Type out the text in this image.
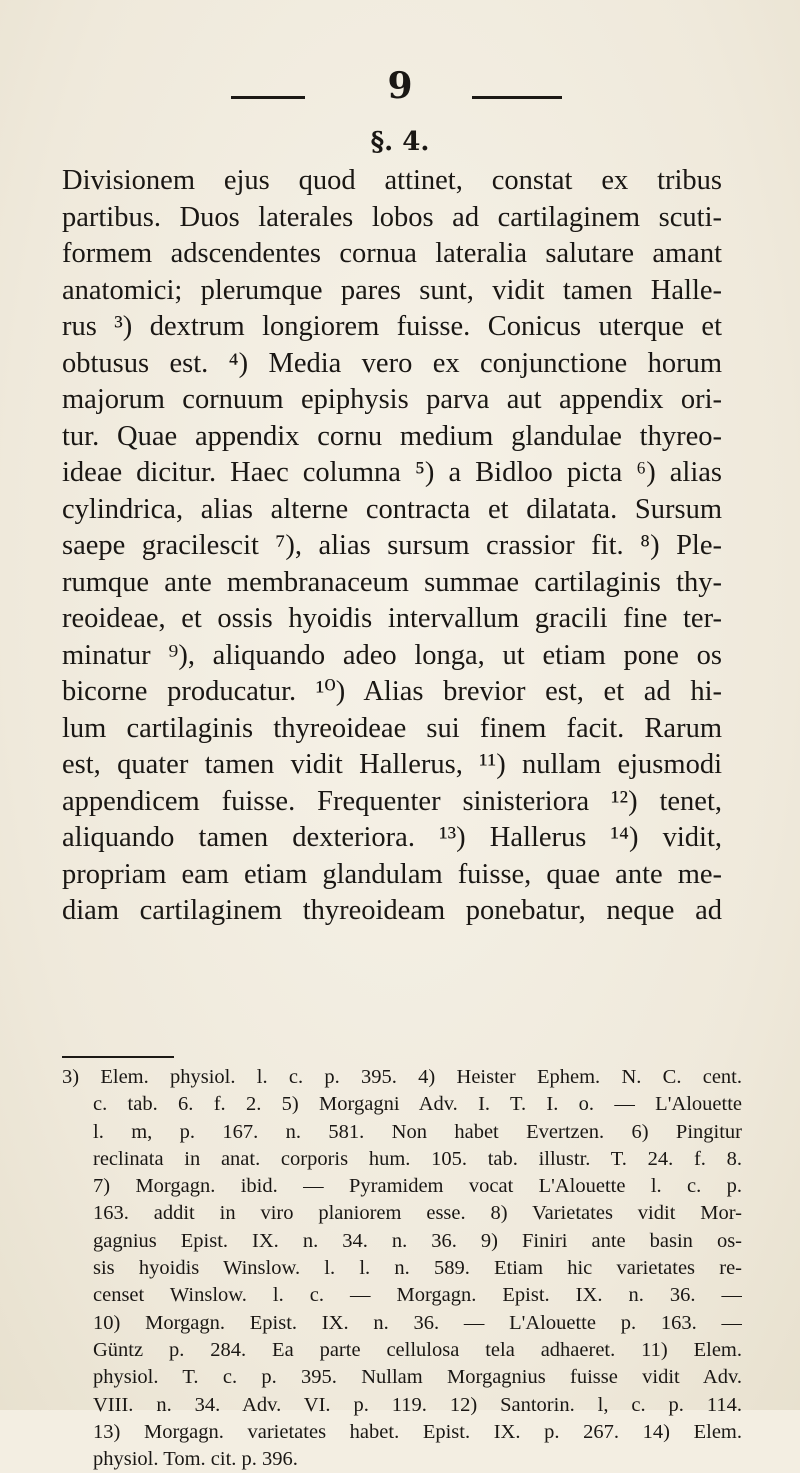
9
§. 4.
Divisionem ejus quod attinet, constat ex tribus
partibus. Duos laterales lobos ad cartilaginem scuti-
formem adscendentes cornua lateralia salutare amant
anatomici; plerumque pares sunt, vidit tamen Halle-
rus ³) dextrum longiorem fuisse. Conicus uterque et
obtusus est. ⁴) Media vero ex conjunctione horum
majorum cornuum epiphysis parva aut appendix ori-
tur. Quae appendix cornu medium glandulae thyreo-
ideae dicitur. Haec columna ⁵) a Bidloo picta ⁶) alias
cylindrica, alias alterne contracta et dilatata. Sursum
saepe gracilescit ⁷), alias sursum crassior fit. ⁸) Ple-
rumque ante membranaceum summae cartilaginis thy-
reoideae, et ossis hyoidis intervallum gracili fine ter-
minatur ⁹), aliquando adeo longa, ut etiam pone os
bicorne producatur. ¹⁰) Alias brevior est, et ad hi-
lum cartilaginis thyreoideae sui finem facit. Rarum
est, quater tamen vidit Hallerus, ¹¹) nullam ejusmodi
appendicem fuisse. Frequenter sinisteriora ¹²) tenet,
aliquando tamen dexteriora. ¹³) Hallerus ¹⁴) vidit,
propriam eam etiam glandulam fuisse, quae ante me-
diam cartilaginem thyreoideam ponebatur, neque ad
3) Elem. physiol. l. c. p. 395. 4) Heister Ephem. N. C. cent.
c. tab. 6. f. 2. 5) Morgagni Adv. I. T. I. o. — L'Alouette
l. m, p. 167. n. 581. Non habet Evertzen. 6) Pingitur
reclinata in anat. corporis hum. 105. tab. illustr. T. 24. f. 8.
7) Morgagn. ibid. — Pyramidem vocat L'Alouette l. c. p.
163. addit in viro planiorem esse. 8) Varietates vidit Mor-
gagnius Epist. IX. n. 34. n. 36. 9) Finiri ante basin os-
sis hyoidis Winslow. l. l. n. 589. Etiam hic varietates re-
censet Winslow. l. c. — Morgagn. Epist. IX. n. 36. —
10) Morgagn. Epist. IX. n. 36. — L'Alouette p. 163. —
Güntz p. 284. Ea parte cellulosa tela adhaeret. 11) Elem.
physiol. T. c. p. 395. Nullam Morgagnius fuisse vidit Adv.
VIII. n. 34. Adv. VI. p. 119. 12) Santorin. l, c. p. 114.
13) Morgagn. varietates habet. Epist. IX. p. 267. 14) Elem.
physiol. Tom. cit. p. 396.
